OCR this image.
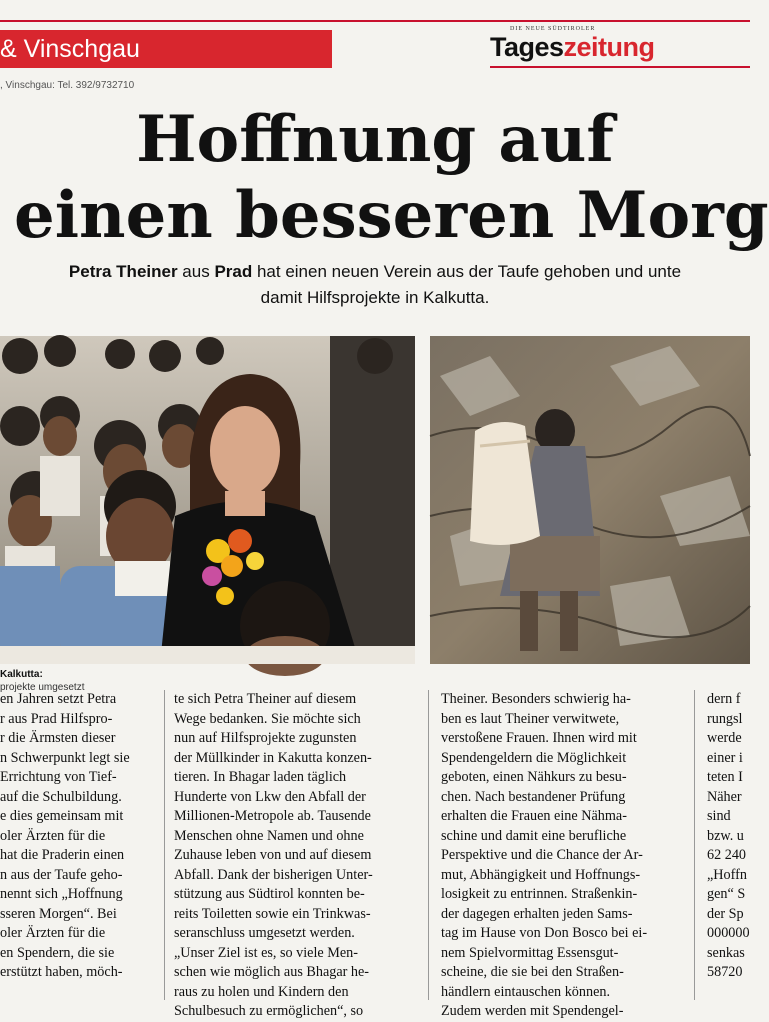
& Vinschgau
DIE NEUE SÜDTIROLER
Tageszeitung
, Vinschgau: Tel. 392/9732710
Hoffnung auf
einen besseren Morg
Petra Theiner aus Prad hat einen neuen Verein aus der Taufe gehoben und unte
damit Hilfsprojekte in Kalkutta.
Kalkutta:
projekte umgesetzt

en Jahren setzt Petra
r aus Prad Hilfspro-
r die Ärmsten dieser
n Schwerpunkt legt sie
Errichtung von Tief-
auf die Schulbildung.
e dies gemeinsam mit
oler Ärzten für die
hat die Praderin einen
n aus der Taufe geho-
nennt sich „Hoffnung
sseren Morgen“. Bei
oler Ärzten für die
en Spendern, die sie
erstützt haben, möch-

te sich Petra Theiner auf diesem
Wege bedanken. Sie möchte sich
nun auf Hilfsprojekte zugunsten
der Müllkinder in Kakutta konzen-
tieren. In Bhagar laden täglich
Hunderte von Lkw den Abfall der
Millionen-Metropole ab. Tausende
Menschen ohne Namen und ohne
Zuhause leben von und auf diesem
Abfall. Dank der bisherigen Unter-
stützung aus Südtirol konnten be-
reits Toiletten sowie ein Trinkwas-
seranschluss umgesetzt werden.
„Unser Ziel ist es, so viele Men-
schen wie möglich aus Bhagar he-
raus zu holen und Kindern den
Schulbesuch zu ermöglichen“, so

Theiner. Besonders schwierig ha-
ben es laut Theiner verwitwete,
verstoßene Frauen. Ihnen wird mit
Spendengeldern die Möglichkeit
geboten, einen Nähkurs zu besu-
chen. Nach bestandener Prüfung
erhalten die Frauen eine Nähma-
schine und damit eine berufliche
Perspektive und die Chance der Ar-
mut, Abhängigkeit und Hoffnungs-
losigkeit zu entrinnen. Straßenkin-
der dagegen erhalten jeden Sams-
tag im Hause von Don Bosco bei ei-
nem Spielvormittag Essensgut-
scheine, die sie bei den Straßen-
händlern eintauschen können.
Zudem werden mit Spendengel-

dern f
rungsl
werde
einer i
teten I
Näher
sind
bzw. u
62 240
„Hoffn
gen“ S
der Sp
000000
senkas
58720
